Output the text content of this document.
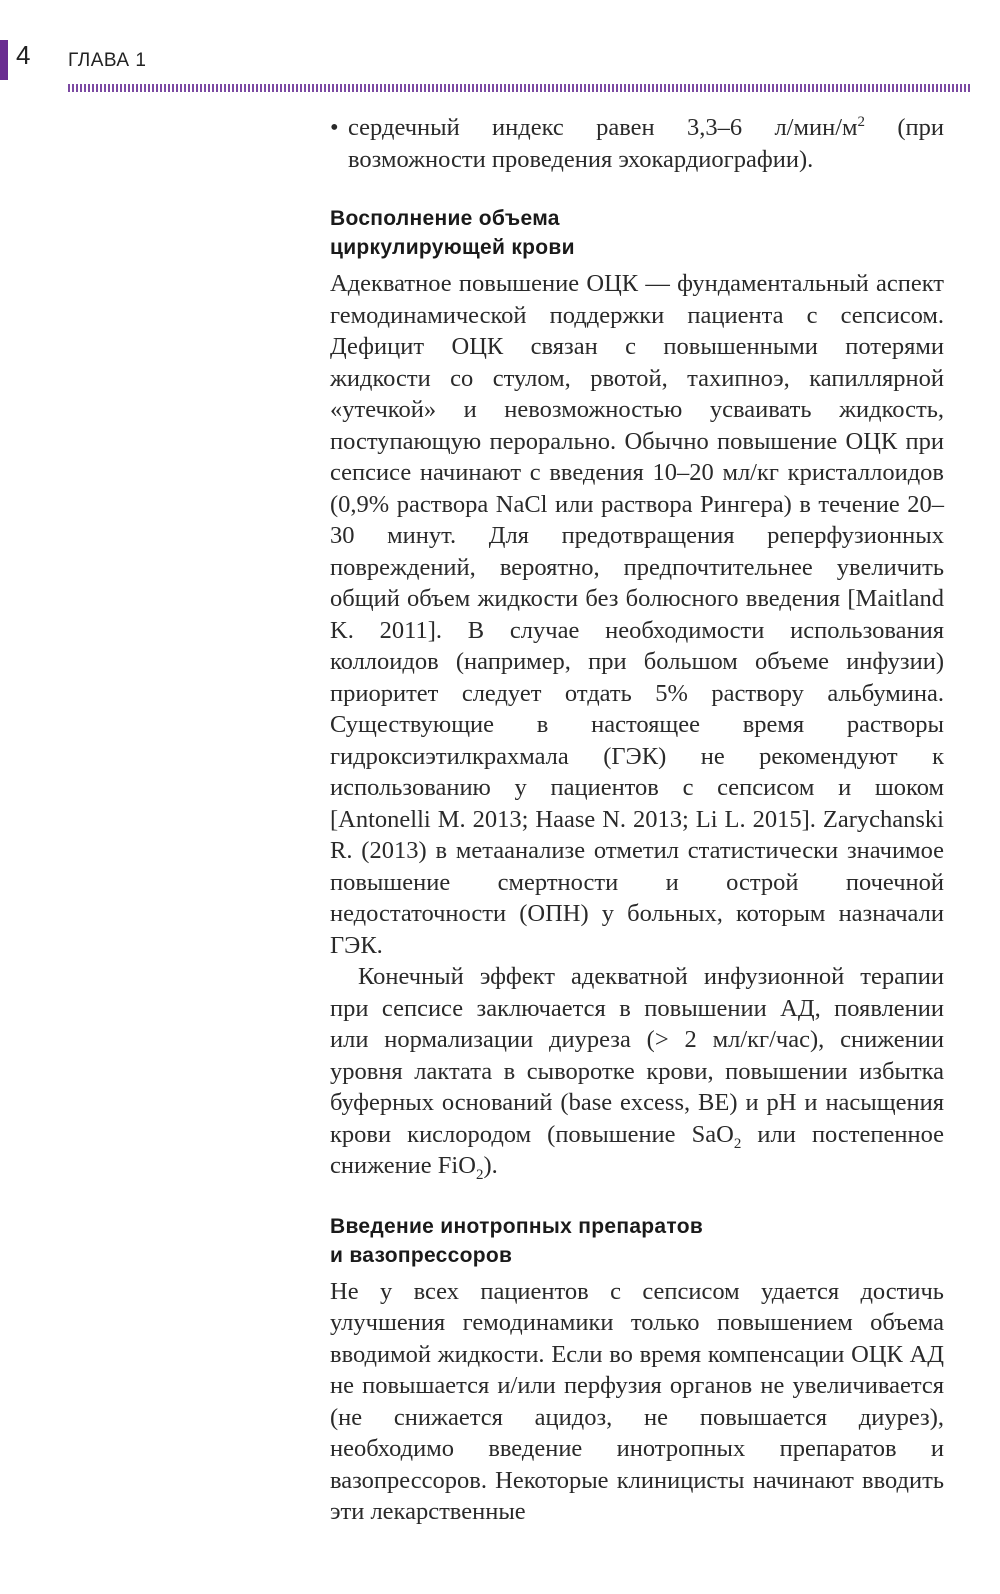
4 ГЛАВА 1
• сердечный индекс равен 3,3–6 $л/мин/м^2$ (при возможности проведения эхокардиографии).
Восполнение объема
циркулирующей крови

Адекватное повышение ОЦК — фундаментальный аспект гемодинамической поддержки пациента с сепсисом. Дефицит ОЦК связан с повышенными потерями жидкости со стулом, рвотой, тахипноэ, капиллярной «утечкой» и невозможностью усваивать жидкость, поступающую перорально. Обычно повышение ОЦК при сепсисе начинают с введения 10–20 мл/кг кристаллоидов (0,9% раствора NaCl или раствора Рингера) в течение 20–30 минут. Для предотвращения реперфузионных повреждений, вероятно, предпочтительнее увеличить общий объем жидкости без болюсного введения [Maitland K. 2011]. В случае необходимости использования коллоидов (например, при большом объеме инфузии) приоритет следует отдать 5% раствору альбумина. Существующие в настоящее время растворы гидроксиэтилкрахмала (ГЭК) не рекомендуют к использованию у пациентов с сепсисом и шоком [Antonelli M. 2013; Haase N. 2013; Li L. 2015]. Zarychanski R. (2013) в метаанализе отметил статистически значимое повышение смертности и острой почечной недостаточности (ОПН) у больных, которым назначали ГЭК.

Конечный эффект адекватной инфузионной терапии при сепсисе заключается в повышении АД, появлении или нормализации диуреза (> 2 мл/кг/час), снижении уровня лактата в сыворотке крови, повышении избытка буферных оснований (base excess, BE) и pH и насыщения крови кислородом (повышение SaO$_2$ или постепенное снижение FiO$_2$).

Введение инотропных препаратов
и вазопрессоров

Не у всех пациентов с сепсисом удается достичь улучшения гемодинамики только повышением объема вводимой жидкости. Если во время компенсации ОЦК АД не повышается и/или перфузия органов не увеличивается (не снижается ацидоз, не повышается диурез), необходимо введение инотропных препаратов и вазопрессоров. Некоторые клиницисты начинают вводить эти лекарственные
